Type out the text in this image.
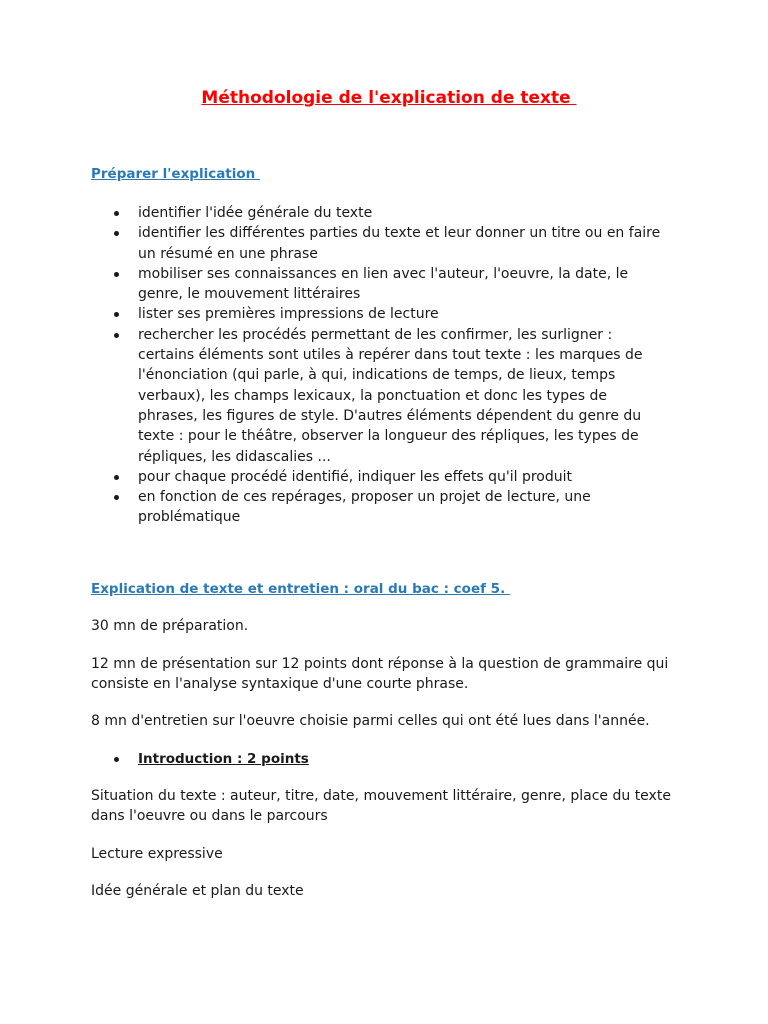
Méthodologie de l'explication de texte
Préparer l'explication
identifier l'idée générale du texte
identifier les différentes parties du texte et leur donner un titre ou en faire un résumé en une phrase
mobiliser ses connaissances en lien avec l'auteur, l'oeuvre, la date, le genre, le mouvement littéraires
lister ses premières impressions de lecture
rechercher les procédés permettant de les confirmer, les surligner : certains éléments sont utiles à repérer dans tout texte : les marques de l'énonciation (qui parle, à qui, indications de temps, de lieux, temps verbaux), les champs lexicaux, la ponctuation et donc les types de phrases, les figures de style. D'autres éléments dépendent du genre du texte : pour le théâtre, observer la longueur des répliques, les types de répliques, les didascalies ...
pour chaque procédé identifié, indiquer les effets qu'il produit
en fonction de ces repérages, proposer un projet de lecture, une problématique
Explication de texte et entretien : oral du bac : coef 5.

30 mn de préparation.

12 mn de présentation sur 12 points dont réponse à la question de grammaire qui consiste en l'analyse syntaxique d'une courte phrase.

8 mn d'entretien sur l'oeuvre choisie parmi celles qui ont été lues dans l'année.

Introduction : 2 points

Situation du texte : auteur, titre, date, mouvement littéraire, genre, place du texte dans l'oeuvre ou dans le parcours

Lecture expressive

Idée générale et plan du texte
